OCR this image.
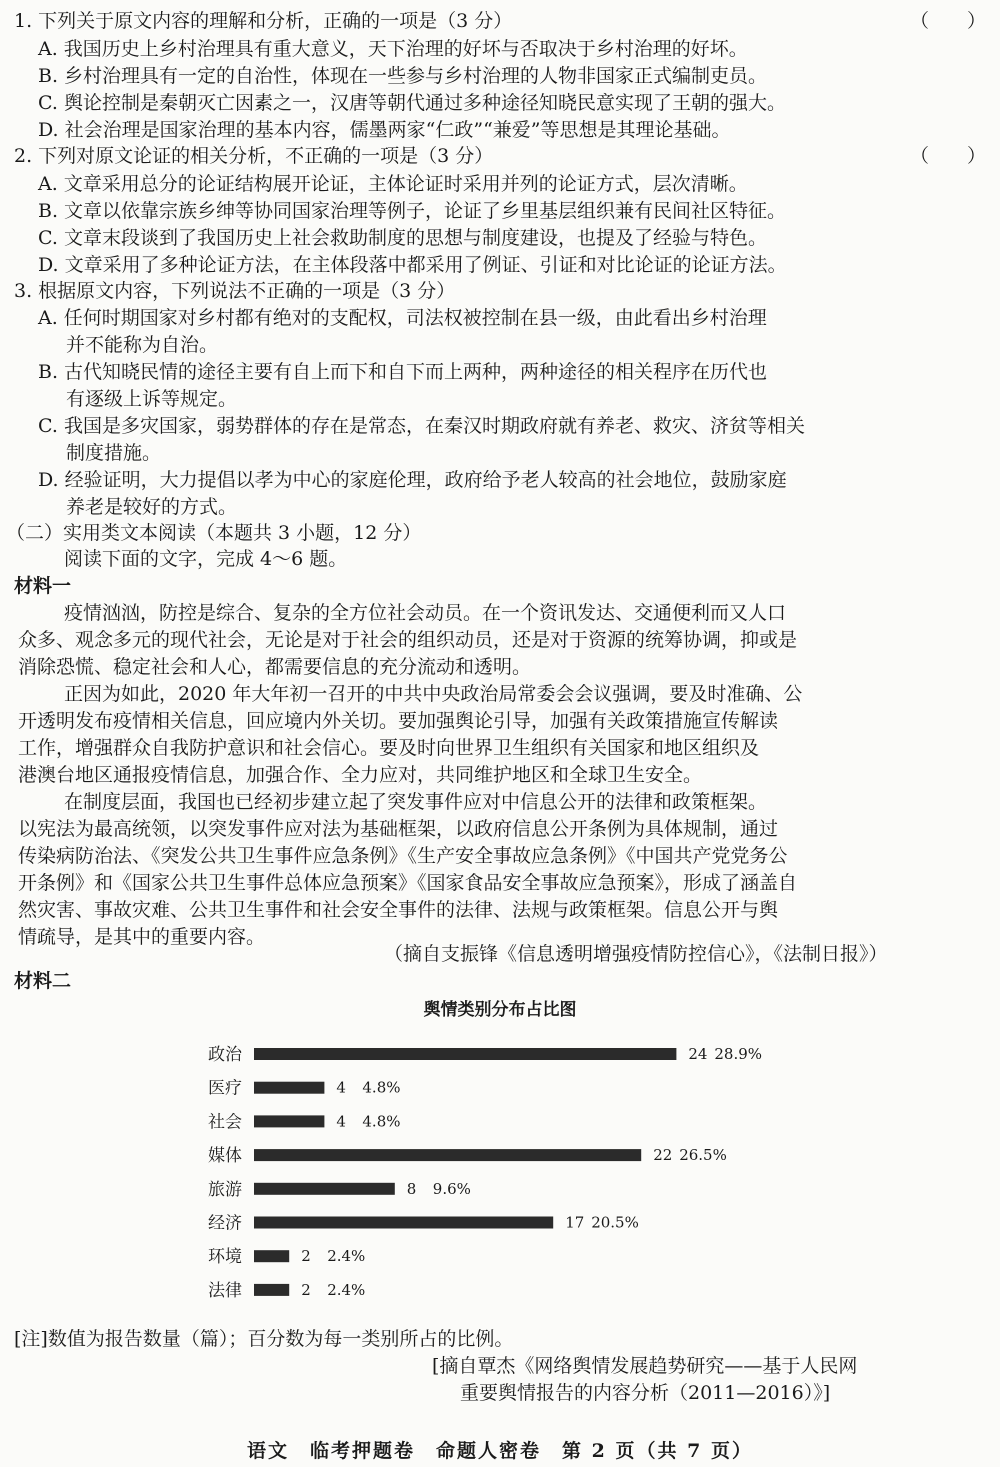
1. 下列关于原文内容的理解和分析，正确的一项是（3 分）	（　　）
A. 我国历史上乡村治理具有重大意义，天下治理的好坏与否取决于乡村治理的好坏。
B. 乡村治理具有一定的自治性，体现在一些参与乡村治理的人物非国家正式编制吏员。
C. 舆论控制是秦朝灭亡因素之一，汉唐等朝代通过多种途径知晓民意实现了王朝的强大。
D. 社会治理是国家治理的基本内容，儒墨两家“仁政”“兼爱”等思想是其理论基础。
2. 下列对原文论证的相关分析，不正确的一项是（3 分）	（　　）
A. 文章采用总分的论证结构展开论证，主体论证时采用并列的论证方式，层次清晰。
B. 文章以依靠宗族乡绅等协同国家治理等例子，论证了乡里基层组织兼有民间社区特征。
C. 文章末段谈到了我国历史上社会救助制度的思想与制度建设，也提及了经验与特色。
D. 文章采用了多种论证方法，在主体段落中都采用了例证、引证和对比论证的论证方法。
3. 根据原文内容，下列说法不正确的一项是（3 分）
A. 任何时期国家对乡村都有绝对的支配权，司法权被控制在县一级，由此看出乡村治理
并不能称为自治。
B. 古代知晓民情的途径主要有自上而下和自下而上两种，两种途径的相关程序在历代也
有逐级上诉等规定。
C. 我国是多灾国家，弱势群体的存在是常态，在秦汉时期政府就有养老、救灾、济贫等相关
制度措施。
D. 经验证明，大力提倡以孝为中心的家庭伦理，政府给予老人较高的社会地位，鼓励家庭
养老是较好的方式。
（二）实用类文本阅读（本题共 3 小题，12 分）
阅读下面的文字，完成 4～6 题。
材料一
疫情汹汹，防控是综合、复杂的全方位社会动员。在一个资讯发达、交通便利而又人口
众多、观念多元的现代社会，无论是对于社会的组织动员，还是对于资源的统筹协调，抑或是
消除恐慌、稳定社会和人心，都需要信息的充分流动和透明。
正因为如此，2020 年大年初一召开的中共中央政治局常委会会议强调，要及时准确、公
开透明发布疫情相关信息，回应境内外关切。要加强舆论引导，加强有关政策措施宣传解读
工作，增强群众自我防护意识和社会信心。要及时向世界卫生组织有关国家和地区组织及
港澳台地区通报疫情信息，加强合作、全力应对，共同维护地区和全球卫生安全。
在制度层面，我国也已经初步建立起了突发事件应对中信息公开的法律和政策框架。
以宪法为最高统领，以突发事件应对法为基础框架，以政府信息公开条例为具体规制，通过
传染病防治法、《突发公共卫生事件应急条例》《生产安全事故应急条例》《中国共产党党务公
开条例》和《国家公共卫生事件总体应急预案》《国家食品安全事故应急预案》，形成了涵盖自
然灾害、事故灾难、公共卫生事件和社会安全事件的法律、法规与政策框架。信息公开与舆
情疏导，是其中的重要内容。
（摘自支振锋《信息透明增强疫情防控信心》，《法制日报》）
材料二
舆情类别分布占比图
政治	24 28.9%
医疗	4 4.8%
社会	4 4.8%
媒体	22 26.5%
旅游	8 9.6%
经济	17 20.5%
环境	2 2.4%
法律	2 2.4%
[注]数值为报告数量（篇）；百分数为每一类别所占的比例。
[摘自覃杰《网络舆情发展趋势研究——基于人民网
重要舆情报告的内容分析（2011—2016）》]
语文　临考押题卷　命题人密卷　第 2 页（共 7 页）
